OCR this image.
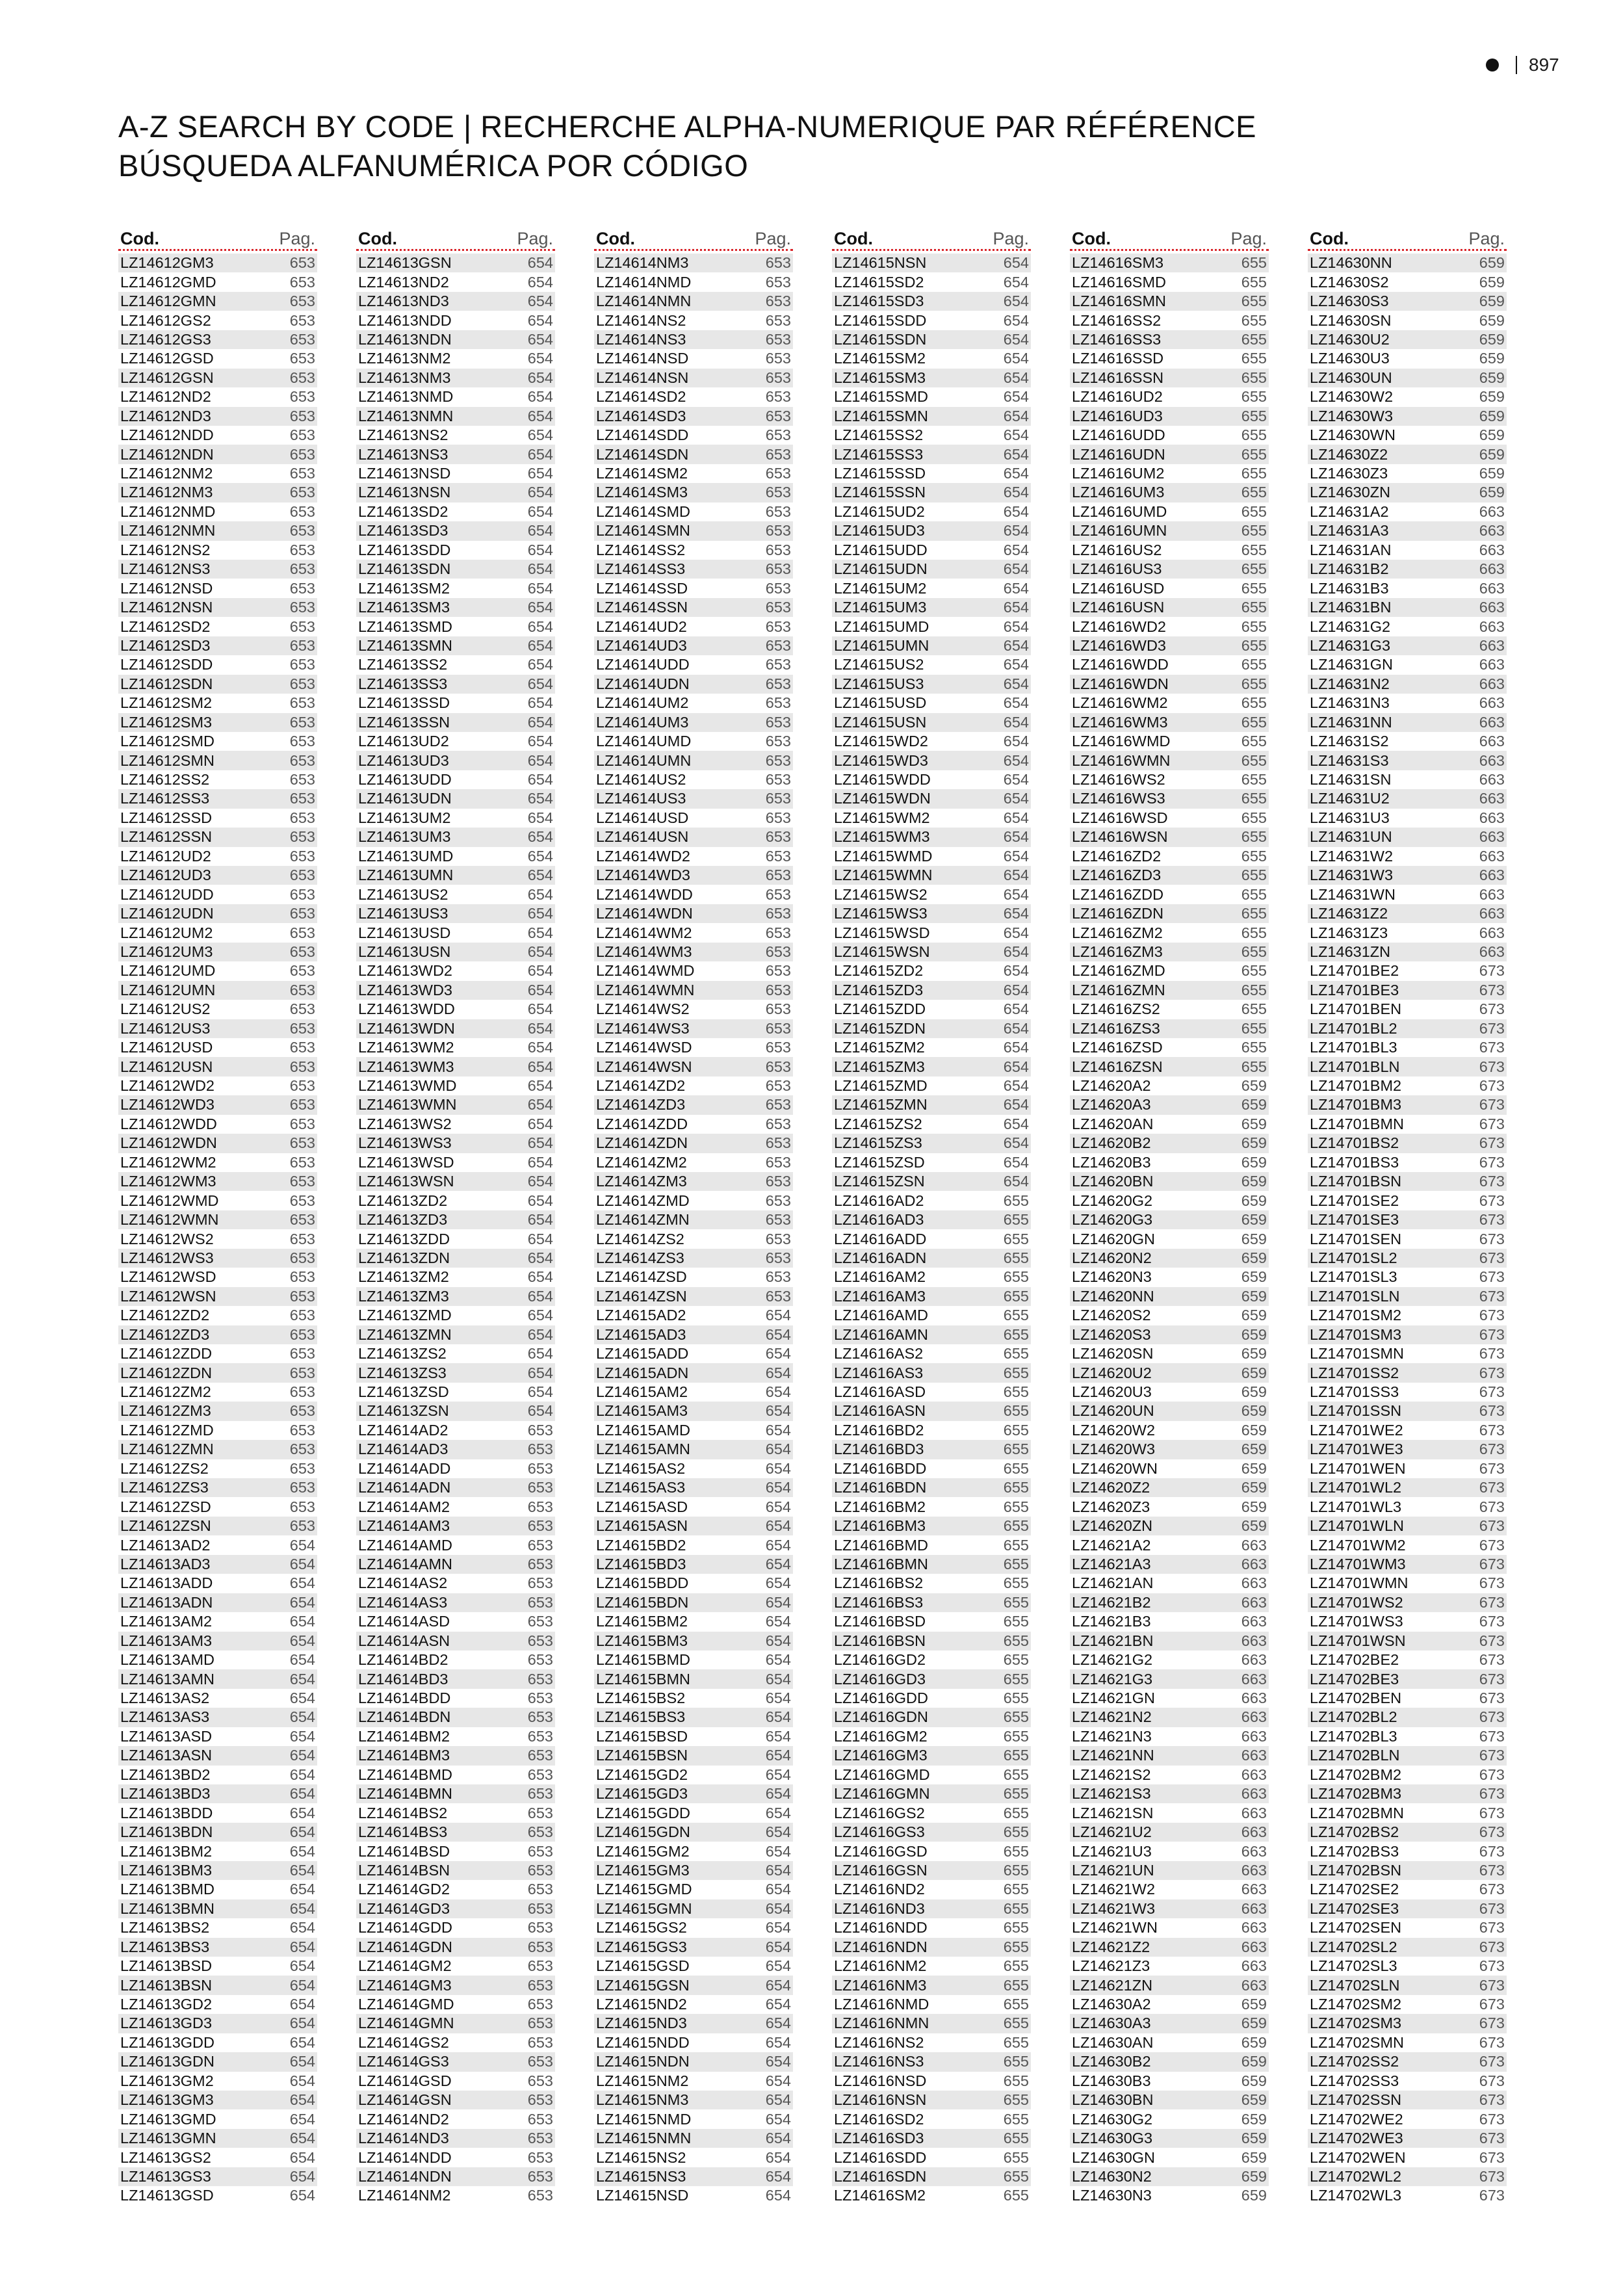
897
A-Z SEARCH BY CODE | RECHERCHE ALPHA-NUMERIQUE PAR RÉFÉRENCE
BÚSQUEDA ALFANUMÉRICA POR CÓDIGO
Cod.	Pag.
LZ14612GM3	653
LZ14612GMD	653
LZ14612GMN	653
LZ14612GS2	653
LZ14612GS3	653
LZ14612GSD	653
LZ14612GSN	653
LZ14612ND2	653
LZ14612ND3	653
LZ14612NDD	653
LZ14612NDN	653
LZ14612NM2	653
LZ14612NM3	653
LZ14612NMD	653
LZ14612NMN	653
LZ14612NS2	653
LZ14612NS3	653
LZ14612NSD	653
LZ14612NSN	653
LZ14612SD2	653
LZ14612SD3	653
LZ14612SDD	653
LZ14612SDN	653
LZ14612SM2	653
LZ14612SM3	653
LZ14612SMD	653
LZ14612SMN	653
LZ14612SS2	653
LZ14612SS3	653
LZ14612SSD	653
LZ14612SSN	653
LZ14612UD2	653
LZ14612UD3	653
LZ14612UDD	653
LZ14612UDN	653
LZ14612UM2	653
LZ14612UM3	653
LZ14612UMD	653
LZ14612UMN	653
LZ14612US2	653
LZ14612US3	653
LZ14612USD	653
LZ14612USN	653
LZ14612WD2	653
LZ14612WD3	653
LZ14612WDD	653
LZ14612WDN	653
LZ14612WM2	653
LZ14612WM3	653
LZ14612WMD	653
LZ14612WMN	653
LZ14612WS2	653
LZ14612WS3	653
LZ14612WSD	653
LZ14612WSN	653
LZ14612ZD2	653
LZ14612ZD3	653
LZ14612ZDD	653
LZ14612ZDN	653
LZ14612ZM2	653
LZ14612ZM3	653
LZ14612ZMD	653
LZ14612ZMN	653
LZ14612ZS2	653
LZ14612ZS3	653
LZ14612ZSD	653
LZ14612ZSN	653
LZ14613AD2	654
LZ14613AD3	654
LZ14613ADD	654
LZ14613ADN	654
LZ14613AM2	654
LZ14613AM3	654
LZ14613AMD	654
LZ14613AMN	654
LZ14613AS2	654
LZ14613AS3	654
LZ14613ASD	654
LZ14613ASN	654
LZ14613BD2	654
LZ14613BD3	654
LZ14613BDD	654
LZ14613BDN	654
LZ14613BM2	654
LZ14613BM3	654
LZ14613BMD	654
LZ14613BMN	654
LZ14613BS2	654
LZ14613BS3	654
LZ14613BSD	654
LZ14613BSN	654
LZ14613GD2	654
LZ14613GD3	654
LZ14613GDD	654
LZ14613GDN	654
LZ14613GM2	654
LZ14613GM3	654
LZ14613GMD	654
LZ14613GMN	654
LZ14613GS2	654
LZ14613GS3	654
LZ14613GSD	654
Cod.	Pag.
LZ14613GSN	654
LZ14613ND2	654
LZ14613ND3	654
LZ14613NDD	654
LZ14613NDN	654
LZ14613NM2	654
LZ14613NM3	654
LZ14613NMD	654
LZ14613NMN	654
LZ14613NS2	654
LZ14613NS3	654
LZ14613NSD	654
LZ14613NSN	654
LZ14613SD2	654
LZ14613SD3	654
LZ14613SDD	654
LZ14613SDN	654
LZ14613SM2	654
LZ14613SM3	654
LZ14613SMD	654
LZ14613SMN	654
LZ14613SS2	654
LZ14613SS3	654
LZ14613SSD	654
LZ14613SSN	654
LZ14613UD2	654
LZ14613UD3	654
LZ14613UDD	654
LZ14613UDN	654
LZ14613UM2	654
LZ14613UM3	654
LZ14613UMD	654
LZ14613UMN	654
LZ14613US2	654
LZ14613US3	654
LZ14613USD	654
LZ14613USN	654
LZ14613WD2	654
LZ14613WD3	654
LZ14613WDD	654
LZ14613WDN	654
LZ14613WM2	654
LZ14613WM3	654
LZ14613WMD	654
LZ14613WMN	654
LZ14613WS2	654
LZ14613WS3	654
LZ14613WSD	654
LZ14613WSN	654
LZ14613ZD2	654
LZ14613ZD3	654
LZ14613ZDD	654
LZ14613ZDN	654
LZ14613ZM2	654
LZ14613ZM3	654
LZ14613ZMD	654
LZ14613ZMN	654
LZ14613ZS2	654
LZ14613ZS3	654
LZ14613ZSD	654
LZ14613ZSN	654
LZ14614AD2	653
LZ14614AD3	653
LZ14614ADD	653
LZ14614ADN	653
LZ14614AM2	653
LZ14614AM3	653
LZ14614AMD	653
LZ14614AMN	653
LZ14614AS2	653
LZ14614AS3	653
LZ14614ASD	653
LZ14614ASN	653
LZ14614BD2	653
LZ14614BD3	653
LZ14614BDD	653
LZ14614BDN	653
LZ14614BM2	653
LZ14614BM3	653
LZ14614BMD	653
LZ14614BMN	653
LZ14614BS2	653
LZ14614BS3	653
LZ14614BSD	653
LZ14614BSN	653
LZ14614GD2	653
LZ14614GD3	653
LZ14614GDD	653
LZ14614GDN	653
LZ14614GM2	653
LZ14614GM3	653
LZ14614GMD	653
LZ14614GMN	653
LZ14614GS2	653
LZ14614GS3	653
LZ14614GSD	653
LZ14614GSN	653
LZ14614ND2	653
LZ14614ND3	653
LZ14614NDD	653
LZ14614NDN	653
LZ14614NM2	653
Cod.	Pag.
LZ14614NM3	653
LZ14614NMD	653
LZ14614NMN	653
LZ14614NS2	653
LZ14614NS3	653
LZ14614NSD	653
LZ14614NSN	653
LZ14614SD2	653
LZ14614SD3	653
LZ14614SDD	653
LZ14614SDN	653
LZ14614SM2	653
LZ14614SM3	653
LZ14614SMD	653
LZ14614SMN	653
LZ14614SS2	653
LZ14614SS3	653
LZ14614SSD	653
LZ14614SSN	653
LZ14614UD2	653
LZ14614UD3	653
LZ14614UDD	653
LZ14614UDN	653
LZ14614UM2	653
LZ14614UM3	653
LZ14614UMD	653
LZ14614UMN	653
LZ14614US2	653
LZ14614US3	653
LZ14614USD	653
LZ14614USN	653
LZ14614WD2	653
LZ14614WD3	653
LZ14614WDD	653
LZ14614WDN	653
LZ14614WM2	653
LZ14614WM3	653
LZ14614WMD	653
LZ14614WMN	653
LZ14614WS2	653
LZ14614WS3	653
LZ14614WSD	653
LZ14614WSN	653
LZ14614ZD2	653
LZ14614ZD3	653
LZ14614ZDD	653
LZ14614ZDN	653
LZ14614ZM2	653
LZ14614ZM3	653
LZ14614ZMD	653
LZ14614ZMN	653
LZ14614ZS2	653
LZ14614ZS3	653
LZ14614ZSD	653
LZ14614ZSN	653
LZ14615AD2	654
LZ14615AD3	654
LZ14615ADD	654
LZ14615ADN	654
LZ14615AM2	654
LZ14615AM3	654
LZ14615AMD	654
LZ14615AMN	654
LZ14615AS2	654
LZ14615AS3	654
LZ14615ASD	654
LZ14615ASN	654
LZ14615BD2	654
LZ14615BD3	654
LZ14615BDD	654
LZ14615BDN	654
LZ14615BM2	654
LZ14615BM3	654
LZ14615BMD	654
LZ14615BMN	654
LZ14615BS2	654
LZ14615BS3	654
LZ14615BSD	654
LZ14615BSN	654
LZ14615GD2	654
LZ14615GD3	654
LZ14615GDD	654
LZ14615GDN	654
LZ14615GM2	654
LZ14615GM3	654
LZ14615GMD	654
LZ14615GMN	654
LZ14615GS2	654
LZ14615GS3	654
LZ14615GSD	654
LZ14615GSN	654
LZ14615ND2	654
LZ14615ND3	654
LZ14615NDD	654
LZ14615NDN	654
LZ14615NM2	654
LZ14615NM3	654
LZ14615NMD	654
LZ14615NMN	654
LZ14615NS2	654
LZ14615NS3	654
LZ14615NSD	654
Cod.	Pag.
LZ14615NSN	654
LZ14615SD2	654
LZ14615SD3	654
LZ14615SDD	654
LZ14615SDN	654
LZ14615SM2	654
LZ14615SM3	654
LZ14615SMD	654
LZ14615SMN	654
LZ14615SS2	654
LZ14615SS3	654
LZ14615SSD	654
LZ14615SSN	654
LZ14615UD2	654
LZ14615UD3	654
LZ14615UDD	654
LZ14615UDN	654
LZ14615UM2	654
LZ14615UM3	654
LZ14615UMD	654
LZ14615UMN	654
LZ14615US2	654
LZ14615US3	654
LZ14615USD	654
LZ14615USN	654
LZ14615WD2	654
LZ14615WD3	654
LZ14615WDD	654
LZ14615WDN	654
LZ14615WM2	654
LZ14615WM3	654
LZ14615WMD	654
LZ14615WMN	654
LZ14615WS2	654
LZ14615WS3	654
LZ14615WSD	654
LZ14615WSN	654
LZ14615ZD2	654
LZ14615ZD3	654
LZ14615ZDD	654
LZ14615ZDN	654
LZ14615ZM2	654
LZ14615ZM3	654
LZ14615ZMD	654
LZ14615ZMN	654
LZ14615ZS2	654
LZ14615ZS3	654
LZ14615ZSD	654
LZ14615ZSN	654
LZ14616AD2	655
LZ14616AD3	655
LZ14616ADD	655
LZ14616ADN	655
LZ14616AM2	655
LZ14616AM3	655
LZ14616AMD	655
LZ14616AMN	655
LZ14616AS2	655
LZ14616AS3	655
LZ14616ASD	655
LZ14616ASN	655
LZ14616BD2	655
LZ14616BD3	655
LZ14616BDD	655
LZ14616BDN	655
LZ14616BM2	655
LZ14616BM3	655
LZ14616BMD	655
LZ14616BMN	655
LZ14616BS2	655
LZ14616BS3	655
LZ14616BSD	655
LZ14616BSN	655
LZ14616GD2	655
LZ14616GD3	655
LZ14616GDD	655
LZ14616GDN	655
LZ14616GM2	655
LZ14616GM3	655
LZ14616GMD	655
LZ14616GMN	655
LZ14616GS2	655
LZ14616GS3	655
LZ14616GSD	655
LZ14616GSN	655
LZ14616ND2	655
LZ14616ND3	655
LZ14616NDD	655
LZ14616NDN	655
LZ14616NM2	655
LZ14616NM3	655
LZ14616NMD	655
LZ14616NMN	655
LZ14616NS2	655
LZ14616NS3	655
LZ14616NSD	655
LZ14616NSN	655
LZ14616SD2	655
LZ14616SD3	655
LZ14616SDD	655
LZ14616SDN	655
LZ14616SM2	655
Cod.	Pag.
LZ14616SM3	655
LZ14616SMD	655
LZ14616SMN	655
LZ14616SS2	655
LZ14616SS3	655
LZ14616SSD	655
LZ14616SSN	655
LZ14616UD2	655
LZ14616UD3	655
LZ14616UDD	655
LZ14616UDN	655
LZ14616UM2	655
LZ14616UM3	655
LZ14616UMD	655
LZ14616UMN	655
LZ14616US2	655
LZ14616US3	655
LZ14616USD	655
LZ14616USN	655
LZ14616WD2	655
LZ14616WD3	655
LZ14616WDD	655
LZ14616WDN	655
LZ14616WM2	655
LZ14616WM3	655
LZ14616WMD	655
LZ14616WMN	655
LZ14616WS2	655
LZ14616WS3	655
LZ14616WSD	655
LZ14616WSN	655
LZ14616ZD2	655
LZ14616ZD3	655
LZ14616ZDD	655
LZ14616ZDN	655
LZ14616ZM2	655
LZ14616ZM3	655
LZ14616ZMD	655
LZ14616ZMN	655
LZ14616ZS2	655
LZ14616ZS3	655
LZ14616ZSD	655
LZ14616ZSN	655
LZ14620A2	659
LZ14620A3	659
LZ14620AN	659
LZ14620B2	659
LZ14620B3	659
LZ14620BN	659
LZ14620G2	659
LZ14620G3	659
LZ14620GN	659
LZ14620N2	659
LZ14620N3	659
LZ14620NN	659
LZ14620S2	659
LZ14620S3	659
LZ14620SN	659
LZ14620U2	659
LZ14620U3	659
LZ14620UN	659
LZ14620W2	659
LZ14620W3	659
LZ14620WN	659
LZ14620Z2	659
LZ14620Z3	659
LZ14620ZN	659
LZ14621A2	663
LZ14621A3	663
LZ14621AN	663
LZ14621B2	663
LZ14621B3	663
LZ14621BN	663
LZ14621G2	663
LZ14621G3	663
LZ14621GN	663
LZ14621N2	663
LZ14621N3	663
LZ14621NN	663
LZ14621S2	663
LZ14621S3	663
LZ14621SN	663
LZ14621U2	663
LZ14621U3	663
LZ14621UN	663
LZ14621W2	663
LZ14621W3	663
LZ14621WN	663
LZ14621Z2	663
LZ14621Z3	663
LZ14621ZN	663
LZ14630A2	659
LZ14630A3	659
LZ14630AN	659
LZ14630B2	659
LZ14630B3	659
LZ14630BN	659
LZ14630G2	659
LZ14630G3	659
LZ14630GN	659
LZ14630N2	659
LZ14630N3	659
Cod.	Pag.
LZ14630NN	659
LZ14630S2	659
LZ14630S3	659
LZ14630SN	659
LZ14630U2	659
LZ14630U3	659
LZ14630UN	659
LZ14630W2	659
LZ14630W3	659
LZ14630WN	659
LZ14630Z2	659
LZ14630Z3	659
LZ14630ZN	659
LZ14631A2	663
LZ14631A3	663
LZ14631AN	663
LZ14631B2	663
LZ14631B3	663
LZ14631BN	663
LZ14631G2	663
LZ14631G3	663
LZ14631GN	663
LZ14631N2	663
LZ14631N3	663
LZ14631NN	663
LZ14631S2	663
LZ14631S3	663
LZ14631SN	663
LZ14631U2	663
LZ14631U3	663
LZ14631UN	663
LZ14631W2	663
LZ14631W3	663
LZ14631WN	663
LZ14631Z2	663
LZ14631Z3	663
LZ14631ZN	663
LZ14701BE2	673
LZ14701BE3	673
LZ14701BEN	673
LZ14701BL2	673
LZ14701BL3	673
LZ14701BLN	673
LZ14701BM2	673
LZ14701BM3	673
LZ14701BMN	673
LZ14701BS2	673
LZ14701BS3	673
LZ14701BSN	673
LZ14701SE2	673
LZ14701SE3	673
LZ14701SEN	673
LZ14701SL2	673
LZ14701SL3	673
LZ14701SLN	673
LZ14701SM2	673
LZ14701SM3	673
LZ14701SMN	673
LZ14701SS2	673
LZ14701SS3	673
LZ14701SSN	673
LZ14701WE2	673
LZ14701WE3	673
LZ14701WEN	673
LZ14701WL2	673
LZ14701WL3	673
LZ14701WLN	673
LZ14701WM2	673
LZ14701WM3	673
LZ14701WMN	673
LZ14701WS2	673
LZ14701WS3	673
LZ14701WSN	673
LZ14702BE2	673
LZ14702BE3	673
LZ14702BEN	673
LZ14702BL2	673
LZ14702BL3	673
LZ14702BLN	673
LZ14702BM2	673
LZ14702BM3	673
LZ14702BMN	673
LZ14702BS2	673
LZ14702BS3	673
LZ14702BSN	673
LZ14702SE2	673
LZ14702SE3	673
LZ14702SEN	673
LZ14702SL2	673
LZ14702SL3	673
LZ14702SLN	673
LZ14702SM2	673
LZ14702SM3	673
LZ14702SMN	673
LZ14702SS2	673
LZ14702SS3	673
LZ14702SSN	673
LZ14702WE2	673
LZ14702WE3	673
LZ14702WEN	673
LZ14702WL2	673
LZ14702WL3	673
